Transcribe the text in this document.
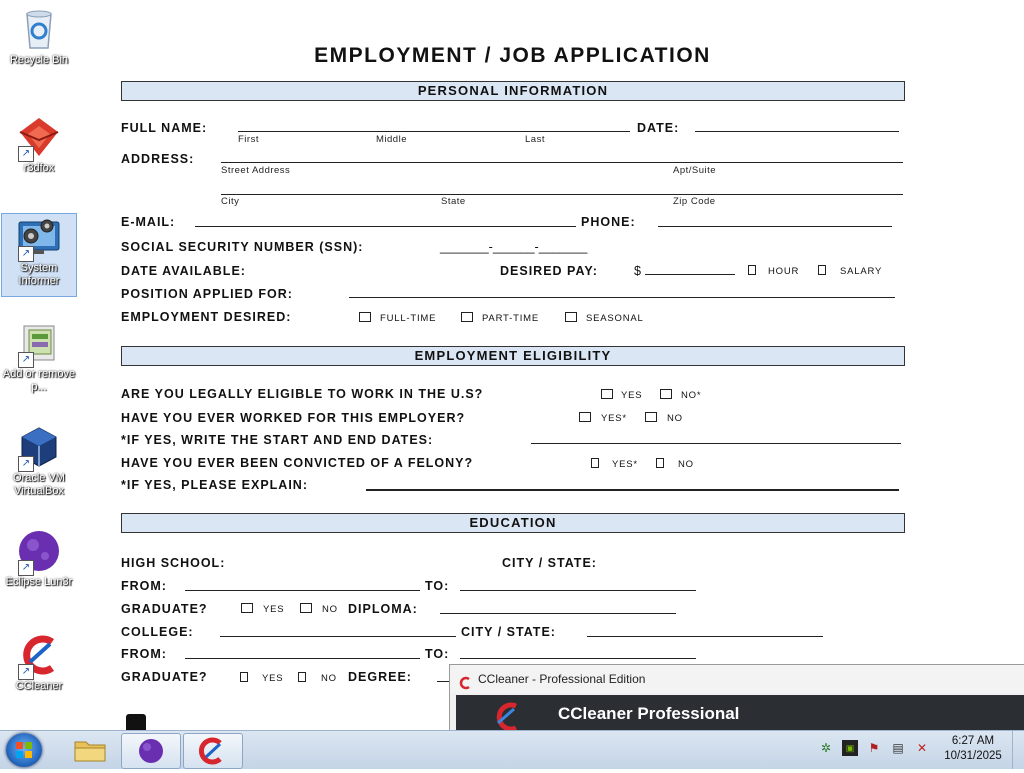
EMPLOYMENT / JOB APPLICATION
PERSONAL INFORMATION
FULL NAME:
First	Middle	Last
DATE:
ADDRESS:
Street Address	Apt/Suite
City	State	Zip Code
E-MAIL:	PHONE:
SOCIAL SECURITY NUMBER (SSN):	_______-______-_______
DATE AVAILABLE:	DESIRED PAY:	$	HOUR	SALARY
POSITION APPLIED FOR:
EMPLOYMENT DESIRED:	FULL-TIME	PART-TIME	SEASONAL
EMPLOYMENT ELIGIBILITY
ARE YOU LEGALLY ELIGIBLE TO WORK IN THE U.S?	YES	NO*
HAVE YOU EVER WORKED FOR THIS EMPLOYER?	YES*	NO
*IF YES, WRITE THE START AND END DATES:
HAVE YOU EVER BEEN CONVICTED OF A FELONY?	YES*	NO
*IF YES, PLEASE EXPLAIN:
EDUCATION
HIGH SCHOOL:	CITY / STATE:
FROM:	TO:
GRADUATE?	YES	NO DIPLOMA:
COLLEGE:	CITY / STATE:
FROM:	TO:
GRADUATE?	YES	NO DEGREE:
Recycle Bin
↗
r3dfox
↗
System Informer
↗
Add or remove p...
↗
Oracle VM VirtualBox
↗
Eclipse Lun3r
↗
CCleaner	CCleaner - Professional Edition
CCleaner Professional
✲	▣	⚑ ▤ ✕	6:27 AM
10/31/2025
